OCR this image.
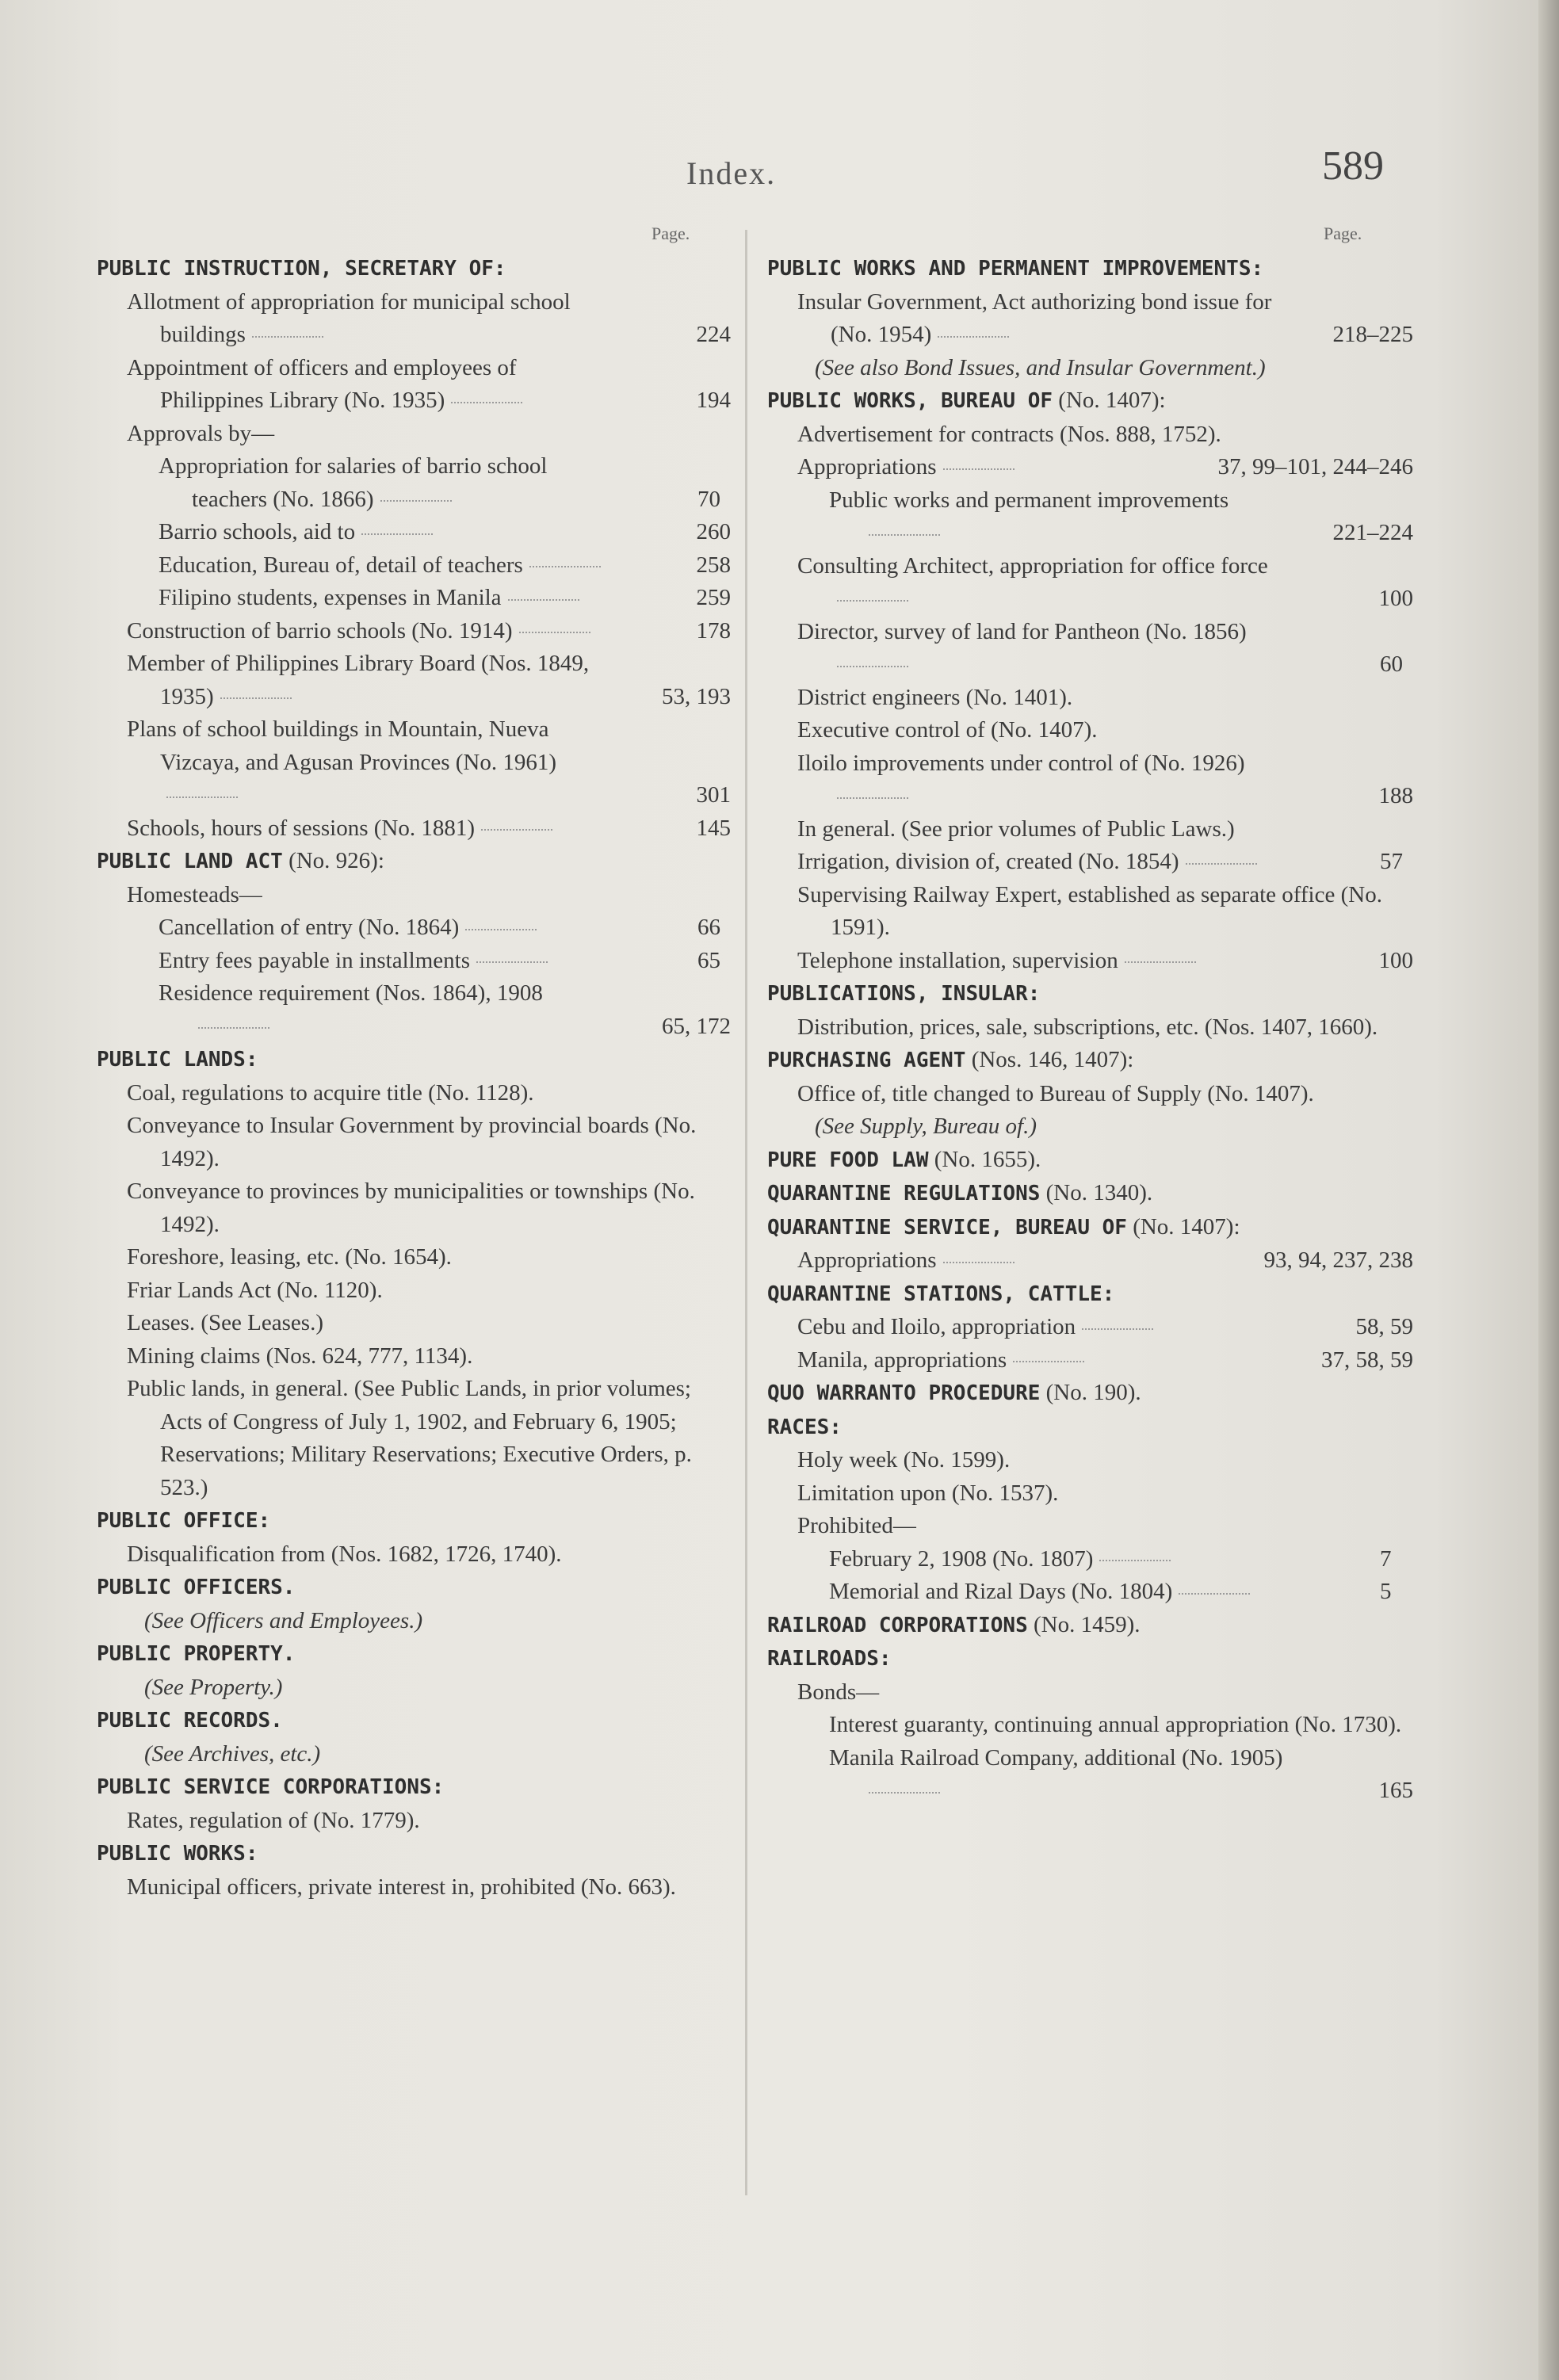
Index.	589
Page.	Page.
PUBLIC INSTRUCTION, SECRETARY OF:
Allotment of appropriation for municipal school buildings	224
Appointment of officers and employees of Philippines Library (No. 1935)	194
Approvals by—
Appropriation for salaries of barrio school teachers (No. 1866)	70
Barrio schools, aid to	260
Education, Bureau of, detail of teachers	258
Filipino students, expenses in Manila	259
Construction of barrio schools (No. 1914)	178
Member of Philippines Library Board (Nos. 1849, 1935)	53, 193
Plans of school buildings in Mountain, Nueva Vizcaya, and Agusan Provinces (No. 1961)
301
Schools, hours of sessions (No. 1881)	145
PUBLIC LAND ACT (No. 926):
Homesteads—
Cancellation of entry (No. 1864)	66
Entry fees payable in installments	65
Residence requirement (Nos. 1864), 1908
65, 172
PUBLIC LANDS:
Coal, regulations to acquire title (No. 1128).
Conveyance to Insular Government by provincial boards (No. 1492).
Conveyance to provinces by municipalities or townships (No. 1492).
Foreshore, leasing, etc. (No. 1654).
Friar Lands Act (No. 1120).
Leases. (See Leases.)
Mining claims (Nos. 624, 777, 1134).
Public lands, in general. (See Public Lands, in prior volumes; Acts of Congress of July 1, 1902, and February 6, 1905; Reservations; Military Reservations; Executive Orders, p. 523.)
PUBLIC OFFICE:
Disqualification from (Nos. 1682, 1726, 1740).
PUBLIC OFFICERS.
(See Officers and Employees.)
PUBLIC PROPERTY.
(See Property.)
PUBLIC RECORDS.
(See Archives, etc.)
PUBLIC SERVICE CORPORATIONS:
Rates, regulation of (No. 1779).
PUBLIC WORKS:
Municipal officers, private interest in, prohibited (No. 663).
PUBLIC WORKS AND PERMANENT IMPROVEMENTS:
Insular Government, Act authorizing bond issue for (No. 1954)	218–225
(See also Bond Issues, and Insular Government.)
PUBLIC WORKS, BUREAU OF (No. 1407):
Advertisement for contracts (Nos. 888, 1752).
Appropriations	37, 99–101, 244–246
Public works and permanent improvements
221–224
Consulting Architect, appropriation for office force
100
Director, survey of land for Pantheon (No. 1856)
60
District engineers (No. 1401).
Executive control of (No. 1407).
Iloilo improvements under control of (No. 1926)
188
In general. (See prior volumes of Public Laws.)
Irrigation, division of, created (No. 1854)	57
Supervising Railway Expert, established as separate office (No. 1591).
Telephone installation, supervision	100
PUBLICATIONS, INSULAR:
Distribution, prices, sale, subscriptions, etc. (Nos. 1407, 1660).
PURCHASING AGENT (Nos. 146, 1407):
Office of, title changed to Bureau of Supply (No. 1407).
(See Supply, Bureau of.)
PURE FOOD LAW (No. 1655).
QUARANTINE REGULATIONS (No. 1340).
QUARANTINE SERVICE, BUREAU OF (No. 1407):
Appropriations	93, 94, 237, 238
QUARANTINE STATIONS, CATTLE:
Cebu and Iloilo, appropriation	58, 59
Manila, appropriations	37, 58, 59
QUO WARRANTO PROCEDURE (No. 190).
RACES:
Holy week (No. 1599).
Limitation upon (No. 1537).
Prohibited—
February 2, 1908 (No. 1807)	7
Memorial and Rizal Days (No. 1804)	5
RAILROAD CORPORATIONS (No. 1459).
RAILROADS:
Bonds—
Interest guaranty, continuing annual appropriation (No. 1730).
Manila Railroad Company, additional (No. 1905)
165
